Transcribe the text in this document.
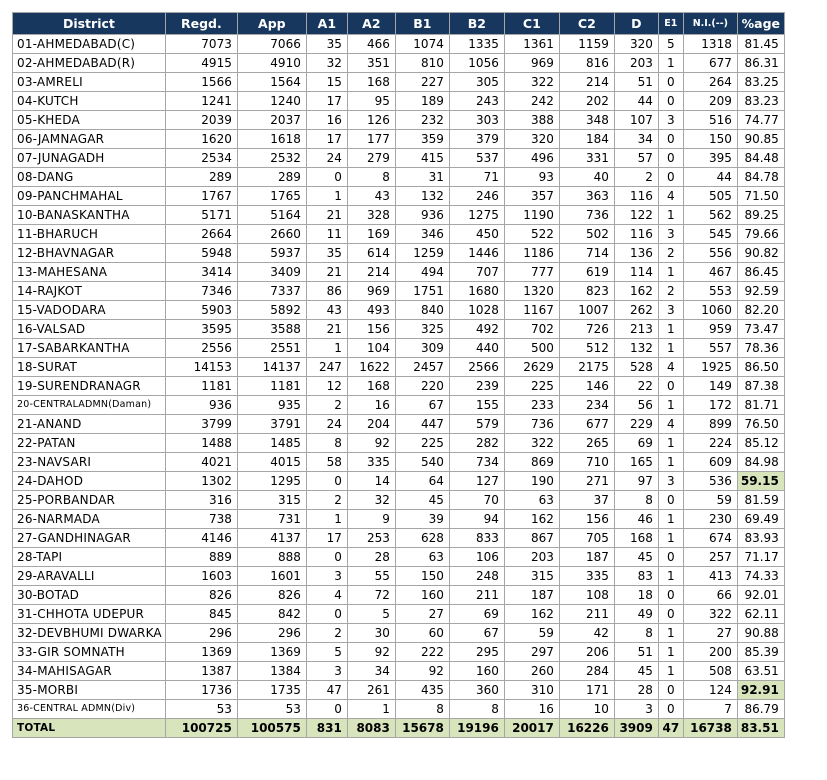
District	Regd.	App	A1	A2	B1	B2	C1	C2	D	E1	N.I.(--)	%age
01-AHMEDABAD(C)	7073	7066	35	466	1074	1335	1361	1159	320	5	1318	81.45
02-AHMEDABAD(R)	4915	4910	32	351	810	1056	969	816	203	1	677	86.31
03-AMRELI	1566	1564	15	168	227	305	322	214	51	0	264	83.25
04-KUTCH	1241	1240	17	95	189	243	242	202	44	0	209	83.23
05-KHEDA	2039	2037	16	126	232	303	388	348	107	3	516	74.77
06-JAMNAGAR	1620	1618	17	177	359	379	320	184	34	0	150	90.85
07-JUNAGADH	2534	2532	24	279	415	537	496	331	57	0	395	84.48
08-DANG	289	289	0	8	31	71	93	40	2	0	44	84.78
09-PANCHMAHAL	1767	1765	1	43	132	246	357	363	116	4	505	71.50
10-BANASKANTHA	5171	5164	21	328	936	1275	1190	736	122	1	562	89.25
11-BHARUCH	2664	2660	11	169	346	450	522	502	116	3	545	79.66
12-BHAVNAGAR	5948	5937	35	614	1259	1446	1186	714	136	2	556	90.82
13-MAHESANA	3414	3409	21	214	494	707	777	619	114	1	467	86.45
14-RAJKOT	7346	7337	86	969	1751	1680	1320	823	162	2	553	92.59
15-VADODARA	5903	5892	43	493	840	1028	1167	1007	262	3	1060	82.20
16-VALSAD	3595	3588	21	156	325	492	702	726	213	1	959	73.47
17-SABARKANTHA	2556	2551	1	104	309	440	500	512	132	1	557	78.36
18-SURAT	14153	14137	247	1622	2457	2566	2629	2175	528	4	1925	86.50
19-SURENDRANAGR	1181	1181	12	168	220	239	225	146	22	0	149	87.38
20-CENTRALADMN(Daman)	936	935	2	16	67	155	233	234	56	1	172	81.71
21-ANAND	3799	3791	24	204	447	579	736	677	229	4	899	76.50
22-PATAN	1488	1485	8	92	225	282	322	265	69	1	224	85.12
23-NAVSARI	4021	4015	58	335	540	734	869	710	165	1	609	84.98
24-DAHOD	1302	1295	0	14	64	127	190	271	97	3	536	59.15
25-PORBANDAR	316	315	2	32	45	70	63	37	8	0	59	81.59
26-NARMADA	738	731	1	9	39	94	162	156	46	1	230	69.49
27-GANDHINAGAR	4146	4137	17	253	628	833	867	705	168	1	674	83.93
28-TAPI	889	888	0	28	63	106	203	187	45	0	257	71.17
29-ARAVALLI	1603	1601	3	55	150	248	315	335	83	1	413	74.33
30-BOTAD	826	826	4	72	160	211	187	108	18	0	66	92.01
31-CHHOTA UDEPUR	845	842	0	5	27	69	162	211	49	0	322	62.11
32-DEVBHUMI DWARKA	296	296	2	30	60	67	59	42	8	1	27	90.88
33-GIR SOMNATH	1369	1369	5	92	222	295	297	206	51	1	200	85.39
34-MAHISAGAR	1387	1384	3	34	92	160	260	284	45	1	508	63.51
35-MORBI	1736	1735	47	261	435	360	310	171	28	0	124	92.91
36-CENTRAL ADMN(Div)	53	53	0	1	8	8	16	10	3	0	7	86.79
TOTAL	100725	100575	831	8083	15678	19196	20017	16226	3909	47	16738	83.51
